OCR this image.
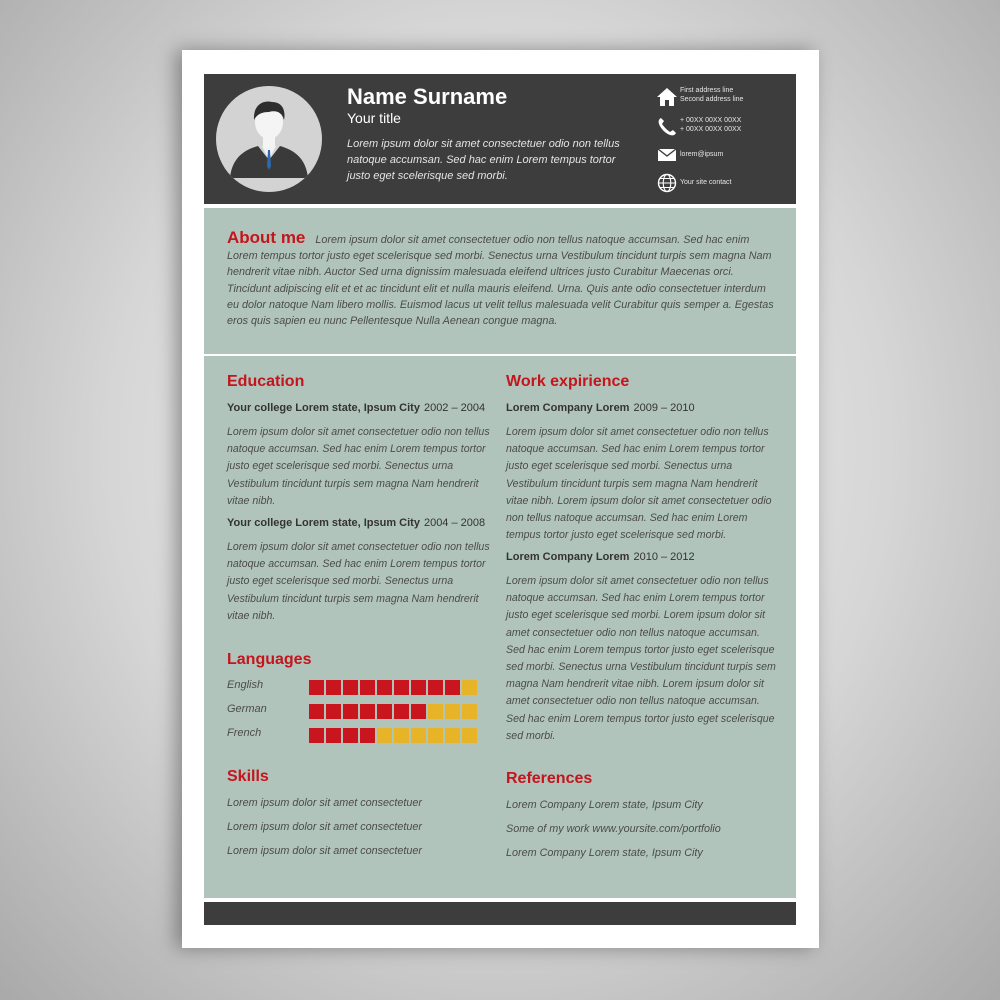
Name Surname
Your title
Lorem ipsum dolor sit amet consectetuer odio non tellus natoque accumsan. Sed hac enim Lorem tempus tortor justo eget scelerisque sed morbi.
First address line
Second address line
+ 00XX 00XX 00XX
+ 00XX 00XX 00XX
lorem@ipsum
Your site contact
About me Lorem ipsum dolor sit amet consectetuer odio non tellus natoque accumsan. Sed hac enim Lorem tempus tortor justo eget scelerisque sed morbi. Senectus urna Vestibulum tincidunt turpis sem magna Nam hendrerit vitae nibh. Auctor Sed urna dignissim malesuada eleifend ultrices justo Curabitur Maecenas orci. Tincidunt adipiscing elit et et ac tincidunt elit et nulla mauris eleifend. Urna. Quis ante odio consectetuer interdum eu dolor natoque Nam libero mollis. Euismod lacus ut velit tellus malesuada velit Curabitur quis semper a. Egestas eros quis sapien eu nunc Pellentesque Nulla Aenean congue magna.
Education
Your college Lorem state, Ipsum City 2002 – 2004
Lorem ipsum dolor sit amet consectetuer odio non tellus natoque accumsan. Sed hac enim Lorem tempus tortor justo eget scelerisque sed morbi. Senectus urna Vestibulum tincidunt turpis sem magna Nam hendrerit vitae nibh.
Your college Lorem state, Ipsum City 2004 – 2008
Lorem ipsum dolor sit amet consectetuer odio non tellus natoque accumsan. Sed hac enim Lorem tempus tortor justo eget scelerisque sed morbi. Senectus urna Vestibulum tincidunt turpis sem magna Nam hendrerit vitae nibh.
Languages
English
German
French
Skills
Lorem ipsum dolor sit amet consectetuer
Lorem ipsum dolor sit amet consectetuer
Lorem ipsum dolor sit amet consectetuer
Work expirience
Lorem Company Lorem 2009 – 2010
Lorem ipsum dolor sit amet consectetuer odio non tellus natoque accumsan. Sed hac enim Lorem tempus tortor justo eget scelerisque sed morbi. Senectus urna Vestibulum tincidunt turpis sem magna Nam hendrerit vitae nibh. Lorem ipsum dolor sit amet consectetuer odio non tellus natoque accumsan. Sed hac enim Lorem tempus tortor justo eget scelerisque sed morbi.
Lorem Company Lorem 2010 – 2012
Lorem ipsum dolor sit amet consectetuer odio non tellus natoque accumsan. Sed hac enim Lorem tempus tortor justo eget scelerisque sed morbi. Lorem ipsum dolor sit amet consectetuer odio non tellus natoque accumsan. Sed hac enim Lorem tempus tortor justo eget scelerisque sed morbi. Senectus urna Vestibulum tincidunt turpis sem magna Nam hendrerit vitae nibh. Lorem ipsum dolor sit amet consectetuer odio non tellus natoque accumsan. Sed hac enim Lorem tempus tortor justo eget scelerisque sed morbi.
References
Lorem Company Lorem state, Ipsum City
Some of my work www.yoursite.com/portfolio
Lorem Company Lorem state, Ipsum City
